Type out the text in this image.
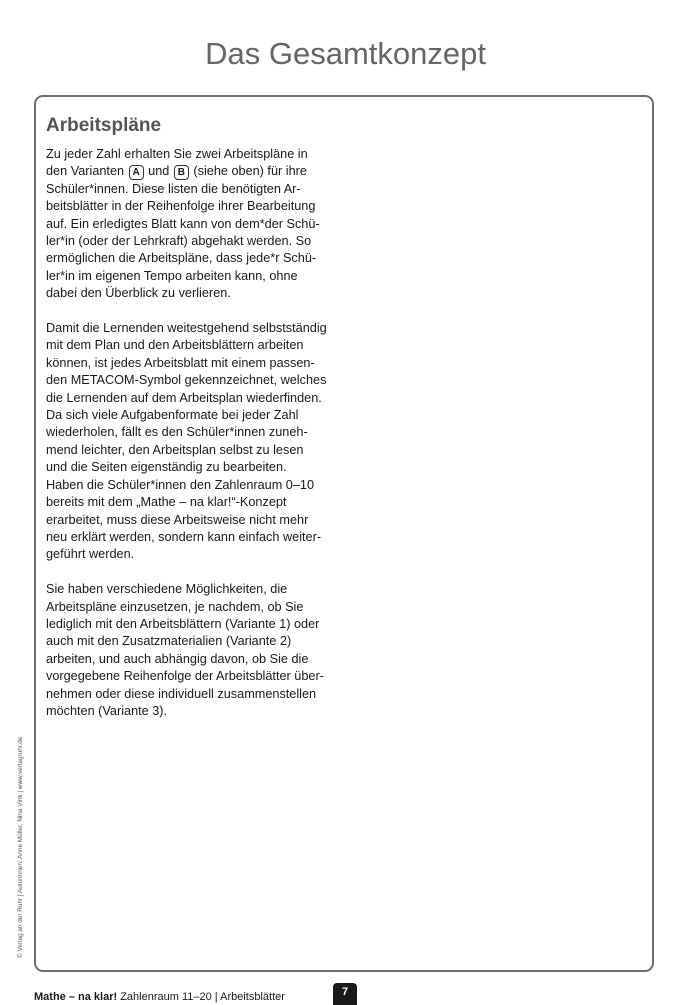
Das Gesamtkonzept
Arbeitspläne

Zu jeder Zahl erhalten Sie zwei Arbeitspläne in
den Varianten A und B (siehe oben) für ihre
Schüler*innen. Diese listen die benötigten Ar-
beitsblätter in der Reihenfolge ihrer Bearbeitung
auf. Ein erledigtes Blatt kann von dem*der Schü-
ler*in (oder der Lehrkraft) abgehakt werden. So
ermöglichen die Arbeitspläne, dass jede*r Schü-
ler*in im eigenen Tempo arbeiten kann, ohne
dabei den Überblick zu verlieren.

Damit die Lernenden weitestgehend selbstständig
mit dem Plan und den Arbeitsblättern arbeiten
können, ist jedes Arbeitsblatt mit einem passen-
den METACOM-Symbol gekennzeichnet, welches
die Lernenden auf dem Arbeitsplan wiederfinden.
Da sich viele Aufgabenformate bei jeder Zahl
wiederholen, fällt es den Schüler*innen zuneh-
mend leichter, den Arbeitsplan selbst zu lesen
und die Seiten eigenständig zu bearbeiten.
Haben die Schüler*innen den Zahlenraum 0–10
bereits mit dem „Mathe – na klar!“-Konzept
erarbeitet, muss diese Arbeitsweise nicht mehr
neu erklärt werden, sondern kann einfach weiter-
geführt werden.

Sie haben verschiedene Möglichkeiten, die
Arbeitspläne einzusetzen, je nachdem, ob Sie
lediglich mit den Arbeitsblättern (Variante 1) oder
auch mit den Zusatzmaterialien (Variante 2)
arbeiten, und auch abhängig davon, ob Sie die
vorgegebene Reihenfolge der Arbeitsblätter über-
nehmen oder diese individuell zusammenstellen
möchten (Variante 3).

© Verlag an der Ruhr | Autorinnen: Anne Müller, Nina Vink | www.verlagruhr.de
Mathe – na klar! Zahlenraum 11–20 | Arbeitsblätter	7
